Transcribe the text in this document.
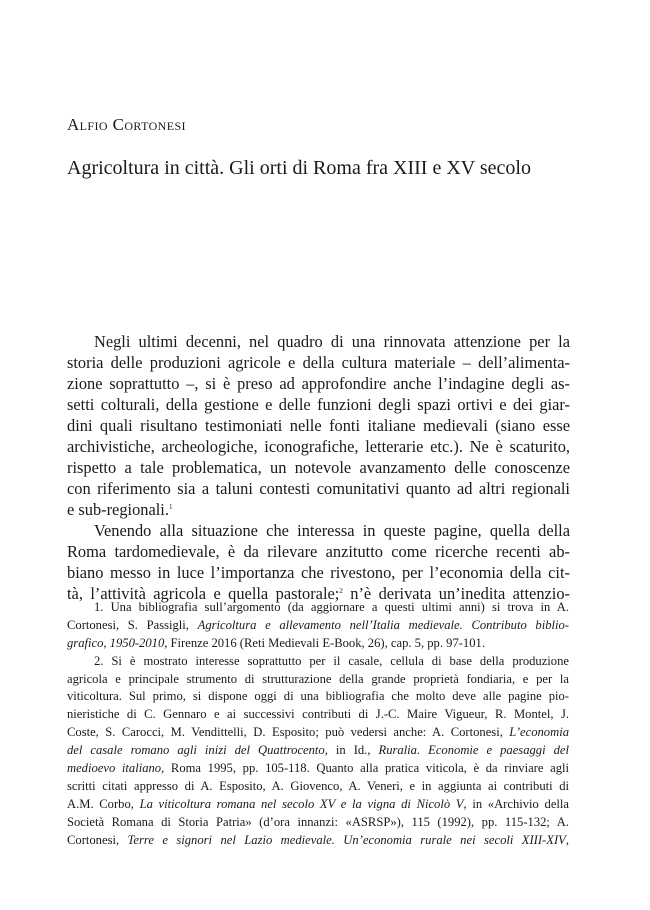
Alfio Cortonesi
Agricoltura in città. Gli orti di Roma fra XIII e XV secolo
Negli ultimi decenni, nel quadro di una rinnovata attenzione per la
storia delle produzioni agricole e della cultura materiale – dell’alimenta-
zione soprattutto –, si è preso ad approfondire anche l’indagine degli as-
setti colturali, della gestione e delle funzioni degli spazi ortivi e dei giar-
dini quali risultano testimoniati nelle fonti italiane medievali (siano esse
archivistiche, archeologiche, iconografiche, letterarie etc.). Ne è scaturito,
rispetto a tale problematica, un notevole avanzamento delle conoscenze
con riferimento sia a taluni contesti comunitativi quanto ad altri regionali
e sub-regionali.$^1$
Venendo alla situazione che interessa in queste pagine, quella della
Roma tardomedievale, è da rilevare anzitutto come ricerche recenti ab-
biano messo in luce l’importanza che rivestono, per l’economia della cit-
tà, l’attività agricola e quella pastorale;$^2$ n’è derivata un’inedita attenzio-
1. Una bibliografia sull’argomento (da aggiornare a questi ultimi anni) si trova in A.
Cortonesi, S. Passigli, Agricoltura e allevamento nell’Italia medievale. Contributo biblio-
grafico, 1950-2010, Firenze 2016 (Reti Medievali E-Book, 26), cap. 5, pp. 97-101.
2. Si è mostrato interesse soprattutto per il casale, cellula di base della produzione
agricola e principale strumento di strutturazione della grande proprietà fondiaria, e per la
viticoltura. Sul primo, si dispone oggi di una bibliografia che molto deve alle pagine pio-
nieristiche di C. Gennaro e ai successivi contributi di J.-C. Maire Vigueur, R. Montel, J.
Coste, S. Carocci, M. Vendittelli, D. Esposito; può vedersi anche: A. Cortonesi, L’economia
del casale romano agli inizi del Quattrocento, in Id., Ruralia. Economie e paesaggi del
medioevo italiano, Roma 1995, pp. 105-118. Quanto alla pratica viticola, è da rinviare agli
scritti citati appresso di A. Esposito, A. Giovenco, A. Veneri, e in aggiunta ai contributi di
A.M. Corbo, La viticoltura romana nel secolo XV e la vigna di Nicolò V, in «Archivio della
Società Romana di Storia Patria» (d’ora innanzi: «ASRSP»), 115 (1992), pp. 115-132; A.
Cortonesi, Terre e signori nel Lazio medievale. Un’economia rurale nei secoli XIII-XIV,
